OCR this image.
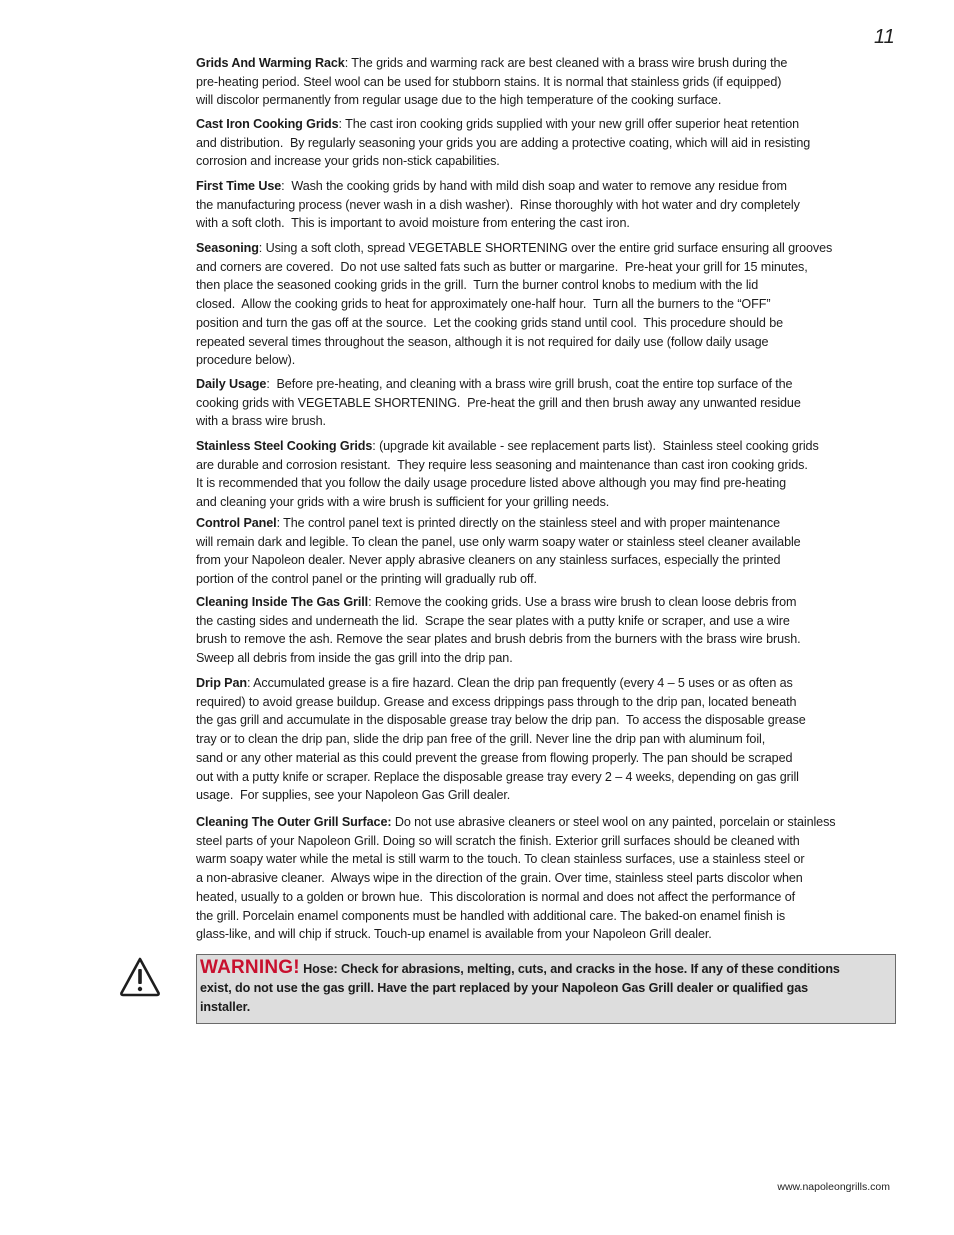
11
Grids And Warming Rack: The grids and warming rack are best cleaned with a brass wire brush during the
pre-heating period. Steel wool can be used for stubborn stains. It is normal that stainless grids (if equipped)
will discolor permanently from regular usage due to the high temperature of the cooking surface.
Cast Iron Cooking Grids: The cast iron cooking grids supplied with your new grill offer superior heat retention
and distribution.  By regularly seasoning your grids you are adding a protective coating, which will aid in resisting
corrosion and increase your grids non-stick capabilities.
First Time Use:  Wash the cooking grids by hand with mild dish soap and water to remove any residue from
the manufacturing process (never wash in a dish washer).  Rinse thoroughly with hot water and dry completely
with a soft cloth.  This is important to avoid moisture from entering the cast iron.
Seasoning: Using a soft cloth, spread VEGETABLE SHORTENING over the entire grid surface ensuring all grooves
and corners are covered.  Do not use salted fats such as butter or margarine.  Pre-heat your grill for 15 minutes,
then place the seasoned cooking grids in the grill.  Turn the burner control knobs to medium with the lid
closed.  Allow the cooking grids to heat for approximately one-half hour.  Turn all the burners to the “OFF”
position and turn the gas off at the source.  Let the cooking grids stand until cool.  This procedure should be
repeated several times throughout the season, although it is not required for daily use (follow daily usage
procedure below).
Daily Usage:  Before pre-heating, and cleaning with a brass wire grill brush, coat the entire top surface of the
cooking grids with VEGETABLE SHORTENING.  Pre-heat the grill and then brush away any unwanted residue
with a brass wire brush.
Stainless Steel Cooking Grids: (upgrade kit available - see replacement parts list).  Stainless steel cooking grids
are durable and corrosion resistant.  They require less seasoning and maintenance than cast iron cooking grids.
It is recommended that you follow the daily usage procedure listed above although you may find pre-heating
and cleaning your grids with a wire brush is sufficient for your grilling needs.
Control Panel: The control panel text is printed directly on the stainless steel and with proper maintenance
will remain dark and legible. To clean the panel, use only warm soapy water or stainless steel cleaner available
from your Napoleon dealer. Never apply abrasive cleaners on any stainless surfaces, especially the printed
portion of the control panel or the printing will gradually rub off.
Cleaning Inside The Gas Grill: Remove the cooking grids. Use a brass wire brush to clean loose debris from
the casting sides and underneath the lid.  Scrape the sear plates with a putty knife or scraper, and use a wire
brush to remove the ash. Remove the sear plates and brush debris from the burners with the brass wire brush.
Sweep all debris from inside the gas grill into the drip pan.
Drip Pan: Accumulated grease is a fire hazard. Clean the drip pan frequently (every 4 – 5 uses or as often as
required) to avoid grease buildup. Grease and excess drippings pass through to the drip pan, located beneath
the gas grill and accumulate in the disposable grease tray below the drip pan.  To access the disposable grease
tray or to clean the drip pan, slide the drip pan free of the grill. Never line the drip pan with aluminum foil,
sand or any other material as this could prevent the grease from flowing properly. The pan should be scraped
out with a putty knife or scraper. Replace the disposable grease tray every 2 – 4 weeks, depending on gas grill
usage.  For supplies, see your Napoleon Gas Grill dealer.
Cleaning The Outer Grill Surface: Do not use abrasive cleaners or steel wool on any painted, porcelain or stainless
steel parts of your Napoleon Grill. Doing so will scratch the finish. Exterior grill surfaces should be cleaned with
warm soapy water while the metal is still warm to the touch. To clean stainless surfaces, use a stainless steel or
a non-abrasive cleaner.  Always wipe in the direction of the grain. Over time, stainless steel parts discolor when
heated, usually to a golden or brown hue.  This discoloration is normal and does not affect the performance of
the grill. Porcelain enamel components must be handled with additional care. The baked-on enamel finish is
glass-like, and will chip if struck. Touch-up enamel is available from your Napoleon Grill dealer.
WARNING! Hose: Check for abrasions, melting, cuts, and cracks in the hose. If any of these conditions
exist, do not use the gas grill. Have the part replaced by your Napoleon Gas Grill dealer or qualified gas
installer.
www.napoleongrills.com
